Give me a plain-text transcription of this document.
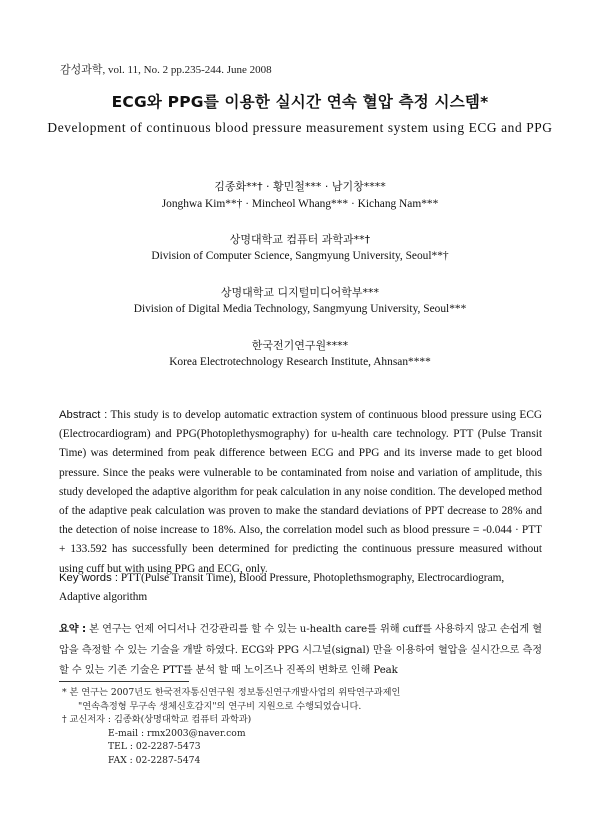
감성과학, vol. 11, No. 2 pp.235-244. June 2008
ECG와 PPG를 이용한 실시간 연속 혈압 측정 시스템*
Development of continuous blood pressure measurement system using ECG and PPG
김종화**† · 황민철*** · 남기창****
Jonghwa Kim**† · Mincheol Whang*** · Kichang Nam***
상명대학교 컴퓨터 과학과**†
Division of Computer Science, Sangmyung University, Seoul**†
상명대학교 디지털미디어학부***
Division of Digital Media Technology, Sangmyung University, Seoul***
한국전기연구원****
Korea Electrotechnology Research Institute, Ahnsan****
Abstract : This study is to develop automatic extraction system of continuous blood pressure using ECG (Electrocardiogram) and PPG(Photoplethysmography) for u-health care technology. PTT (Pulse Transit Time) was determined from peak difference between ECG and PPG and its inverse made to get blood pressure. Since the peaks were vulnerable to be contaminated from noise and variation of amplitude, this study developed the adaptive algorithm for peak calculation in any noise condition. The developed method of the adaptive peak calculation was proven to make the standard deviations of PPT decrease to 28% and the detection of noise increase to 18%. Also, the correlation model such as blood pressure = -0.044 · PTT + 133.592 has successfully been determined for predicting the continuous pressure measured without using cuff but with using PPG and ECG, only.
Key words : PTT(Pulse Transit Time), Blood Pressure, Photoplethsmography, Electrocardiogram, Adaptive algorithm
요약 : 본 연구는 언제 어디서나 건강관리를 할 수 있는 u-health care를 위해 cuff를 사용하지 않고 손쉽게 혈압을 측정할 수 있는 기술을 개발 하였다. ECG와 PPG 시그널(signal) 만을 이용하여 혈압을 실시간으로 측정할 수 있는 기존 기술은 PTT를 분석 할 때 노이즈나 진폭의 변화로 인해 Peak
* 본 연구는 2007년도 한국전자통신연구원 정보통신연구개발사업의 위탁연구과제인
"연속측정형 무구속 생체신호감지"의 연구비 지원으로 수행되었습니다.
† 교신저자 : 김종화(상명대학교 컴퓨터 과학과)
E-mail : rmx2003@naver.com
TEL : 02-2287-5473
FAX : 02-2287-5474
